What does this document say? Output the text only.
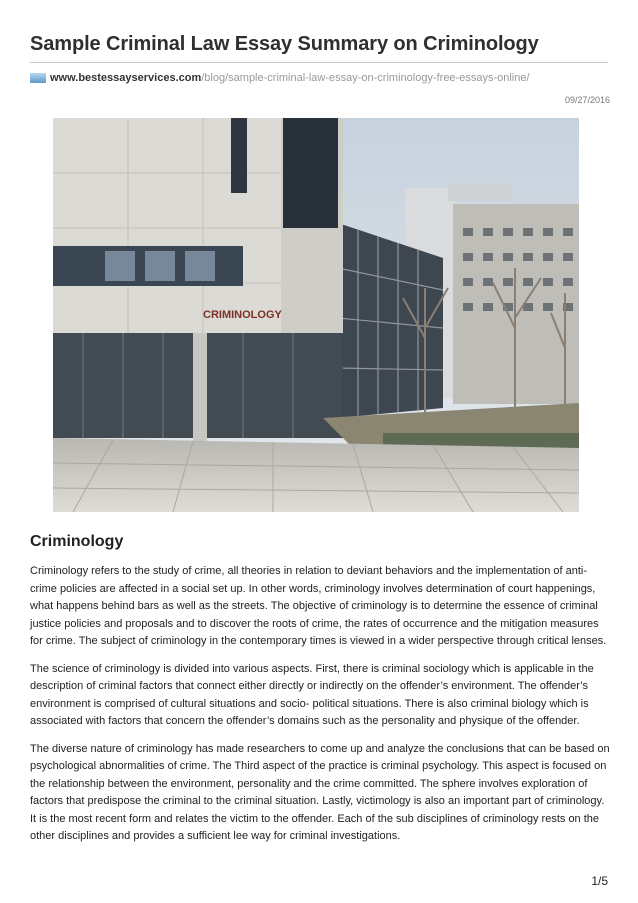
Sample Criminal Law Essay Summary on Criminology
www.bestessayservices.com /blog/sample-criminal-law-essay-on-criminology-free-essays-online/
09/27/2016
CRIMINOLOGY
Criminology

Criminology refers to the study of crime, all theories in relation to deviant behaviors and the implementation of anti- crime policies are affected in a social set up. In other words, criminology involves determination of court happenings, what happens behind bars as well as the streets. The objective of criminology is to determine the essence of criminal justice policies and proposals and to discover the roots of crime, the rates of occurrence and the mitigation measures for crime. The subject of criminology in the contemporary times is viewed in a wider perspective through critical lenses.

The science of criminology is divided into various aspects. First, there is criminal sociology which is applicable in the description of criminal factors that connect either directly or indirectly on the offender’s environment. The offender’s environment is comprised of cultural situations and socio- political situations. There is also criminal biology which is associated with factors that concern the offender’s domains such as the personality and physique of the offender.

The diverse nature of criminology has made researchers to come up and analyze the conclusions that can be based on psychological abnormalities of crime. The Third aspect of the practice is criminal psychology. This aspect is focused on the relationship between the environment, personality and the crime committed. The sphere involves exploration of factors that predispose the criminal to the criminal situation. Lastly, victimology is also an important part of criminology. It is the most recent form and relates the victim to the offender. Each of the sub disciplines of criminology rests on the other disciplines and provides a sufficient lee way for criminal investigations.

1/5
